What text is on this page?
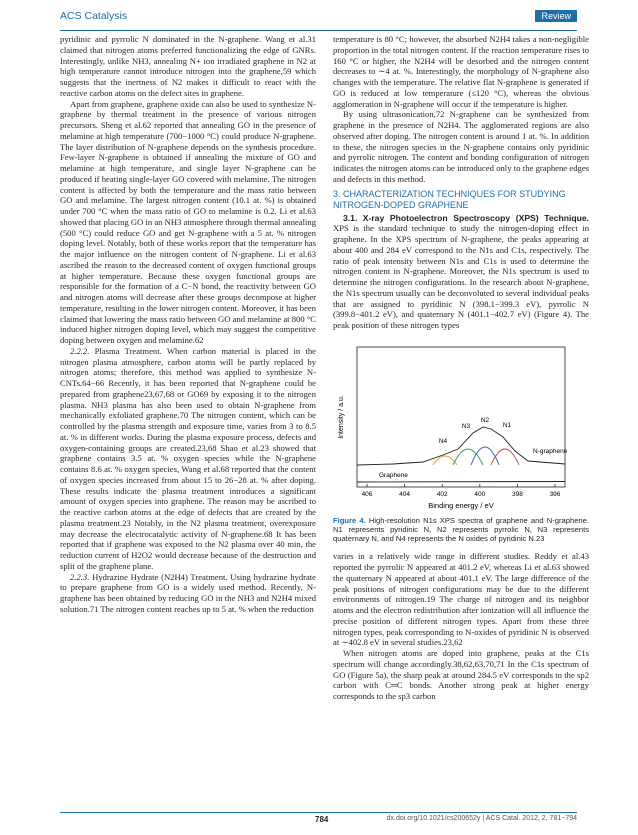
ACS Catalysis	Review

pyridinic and pyrrolic N dominated in the N-graphene. Wang et al.31 claimed that nitrogen atoms preferred functionalizing the edge of GNRs. Interestingly, unlike NH3, annealing N+ ion irradiated graphene in N2 at high temperature cannot introduce nitrogen into the graphene,59 which suggests that the inertness of N2 makes it difficult to react with the reactive carbon atoms on the defect sites in graphene.

Apart from graphene, graphene oxide can also be used to synthesize N-graphene by thermal treatment in the presence of various nitrogen precursors. Sheng et al.62 reported that annealing GO in the presence of melamine at high temperature (700−1000 °C) could produce N-graphene. The layer distribution of N-graphene depends on the synthesis procedure. Few-layer N-graphene is obtained if annealing the mixture of GO and melamine at high temperature, and single layer N-graphene can be produced if heating single-layer GO covered with melamine. The nitrogen content is affected by both the temperature and the mass ratio between GO and melamine. The largest nitrogen content (10.1 at. %) is obtained under 700 °C when the mass ratio of GO to melamine is 0.2. Li et al.63 showed that placing GO in an NH3 atmosphere through thermal annealing (500 °C) could reduce GO and get N-graphene with a 5 at. % nitrogen doping level. Notably, both of these works report that the temperature has the major influence on the nitrogen content of N-graphene. Li et al.63 ascribed the reason to the decreased content of oxygen functional groups at higher temperature. Because these oxygen functional groups are responsible for the formation of a C−N bond, the reactivity between GO and nitrogen atoms will decrease after these groups decompose at higher temperature, resulting in the lower nitrogen content. Moreover, it has been claimed that lowering the mass ratio between GO and melamine at 800 °C induced higher nitrogen doping level, which may suggest the competitive doping between oxygen and melamine.62

2.2.2. Plasma Treatment. When carbon material is placed in the nitrogen plasma atmosphere, carbon atoms will be partly replaced by nitrogen atoms; therefore, this method was applied to synthesize N-CNTs.64−66 Recently, it has been reported that N-graphene could be prepared from graphene23,67,68 or GO69 by exposing it to the nitrogen plasma. NH3 plasma has also been used to obtain N-graphene from mechanically exfoliated graphene.70 The nitrogen content, which can be controlled by the plasma strength and exposure time, varies from 3 to 8.5 at. % in different works. During the plasma exposure process, defects and oxygen-containing groups are created.23,68 Shao et al.23 showed that graphene contains 3.5 at. % oxygen species while the N-graphene contains 8.6 at. % oxygen species, Wang et al.68 reported that the content of oxygen species increased from about 15 to 26−28 at. % after doping. These results indicate the plasma treatment introduces a significant amount of oxygen species into graphene. The reason may be ascribed to the reactive carbon atoms at the edge of defects that are created by the plasma treatment.23 Notably, in the N2 plasma treatment, overexposure may decrease the electrocatalytic activity of N-graphene.68 It has been reported that if graphene was exposed to the N2 plasma over 40 min, the reduction current of H2O2 would decrease because of the destruction and split of the graphene plane.

2.2.3. Hydrazine Hydrate (N2H4) Treatment. Using hydrazine hydrate to prepare graphene from GO is a widely used method. Recently, N-graphene has been obtained by reducing GO in the NH3 and N2H4 mixed solution.71 The nitrogen content reaches up to 5 at. % when the reduction

temperature is 80 °C; however, the absorbed N2H4 takes a non-negligible proportion in the total nitrogen content. If the reaction temperature rises to 160 °C or higher, the N2H4 will be desorbed and the nitrogen content decreases to ∼4 at. %. Interestingly, the morphology of N-graphene also changes with the temperature. The relative flat N-graphene is generated if GO is reduced at low temperature (≤120 °C), whereas the obvious agglomeration in N-graphene will occur if the temperature is higher.

By using ultrasonication,72 N-graphene can be synthesized from graphene in the presence of N2H4. The agglomerated regions are also observed after doping. The nitrogen content is around 1 at. %. In addition to these, the nitrogen species in the N-graphene contains only pyridinic and pyrrolic nitrogen. The content and bonding configuration of nitrogen indicates the nitrogen atoms can be introduced only to the graphene edges and defects in this method.

3. CHARACTERIZATION TECHNIQUES FOR STUDYING NITROGEN-DOPED GRAPHENE

3.1. X-ray Photoelectron Spectroscopy (XPS) Technique. XPS is the standard technique to study the nitrogen-doping effect in graphene. In the XPS spectrum of N-graphene, the peaks appearing at about 400 and 284 eV correspond to the N1s and C1s, respectively. The ratio of peak intensity between N1s and C1s is used to determine the nitrogen content in N-graphene. Moreover, the N1s spectrum is used to determine the nitrogen configurations. In the research about N-graphene, the N1s spectrum usually can be deconvoluted to several individual peaks that are assigned to pyridinic N (398.1−399.3 eV), pyrrolic N (399.8−401.2 eV), and quaternary N (401.1−402.7 eV) (Figure 4). The peak position of these nitrogen types

Intensity / a.u.
Binding energy / eV
406	404	402	400	398	396
N4
N3
N2
N1
N-graphene
Graphene
Figure 4. High-resolution N1s XPS spectra of graphene and N-graphene. N1 represents pyridinic N, N2 represents pyrrolic N, N3 represents quaternary N, and N4 represents the N oxides of pyridinic N.23

varies in a relatively wide range in different studies. Reddy et al.43 reported the pyrrolic N appeared at 401.2 eV, whereas Li et al.63 showed the quaternary N appeared at about 401.1 eV. The large difference of the peak positions of nitrogen configurations may be due to the different environments of nitrogen.19 The charge of nitrogen and its neighbor atoms and the electron redistribution after ionization will all influence the precise position of different nitrogen types. Apart from these three nitrogen types, peak corresponding to N-oxides of pyridinic N is observed at ∼402.8 eV in several studies.23,62

When nitrogen atoms are doped into graphene, peaks at the C1s spectrum will change accordingly.38,62,63,70,71 In the C1s spectrum of GO (Figure 5a), the sharp peak at around 284.5 eV corresponds to the sp2 carbon with C═C bonds. Another strong peak at higher energy corresponds to the sp3 carbon

784	dx.doi.org/10.1021/cs200652y | ACS Catal. 2012, 2, 781−794
